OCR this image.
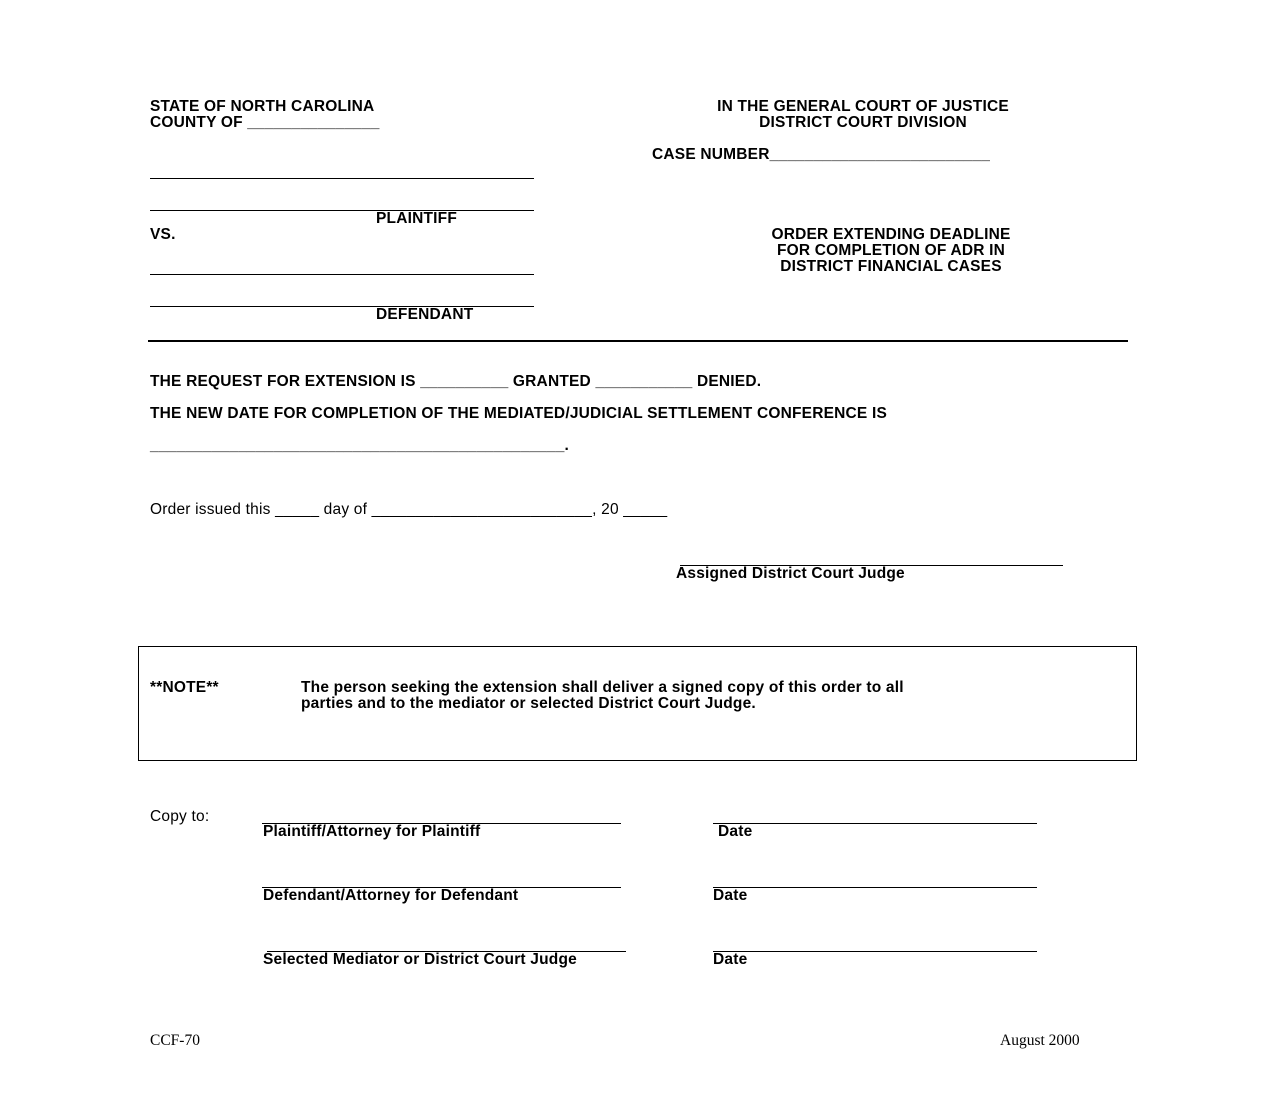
STATE OF NORTH CAROLINA
COUNTY OF _______________
IN THE GENERAL COURT OF JUSTICE
DISTRICT COURT DIVISION
CASE NUMBER_________________________
PLAINTIFF
VS.
DEFENDANT
ORDER EXTENDING DEADLINE
FOR COMPLETION OF ADR IN
DISTRICT FINANCIAL CASES
THE REQUEST FOR EXTENSION IS __________ GRANTED ___________ DENIED.
THE NEW DATE FOR COMPLETION OF THE MEDIATED/JUDICIAL SETTLEMENT CONFERENCE IS
_______________________________________________.
Order issued this _____ day of _________________________, 20 _____
Assigned District Court Judge
**NOTE**	The person seeking the extension shall deliver a signed copy of this order to all
parties and to the mediator or selected District Court Judge.
Copy to:
Plaintiff/Attorney for Plaintiff	Date
Defendant/Attorney for Defendant	Date
Selected Mediator or District Court Judge	Date
CCF-70	August 2000
